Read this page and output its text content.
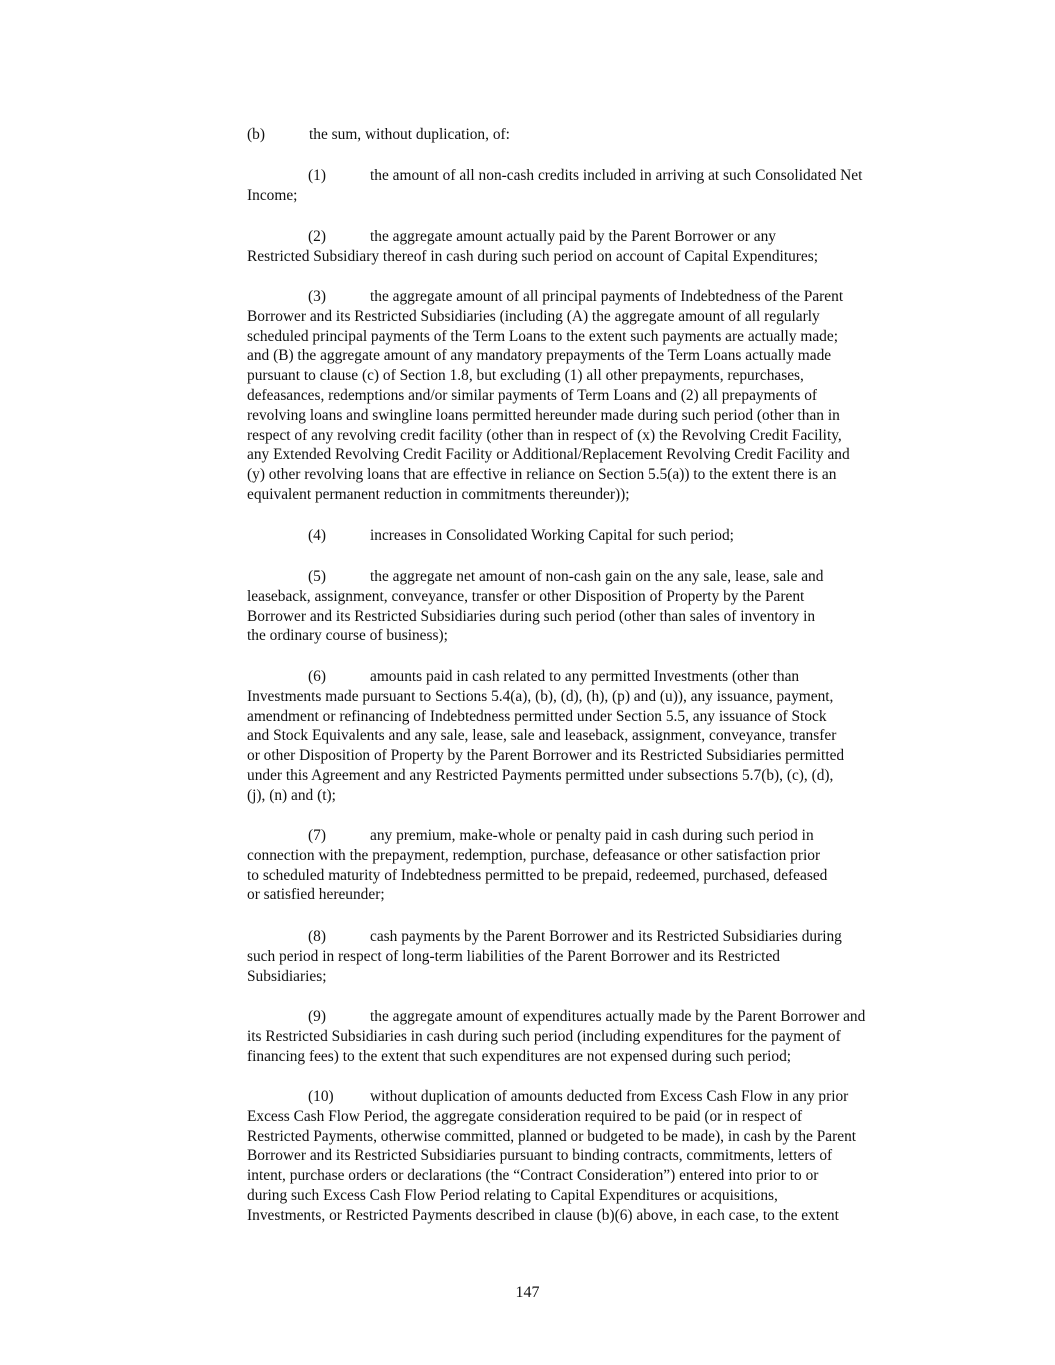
(b)	the sum, without duplication, of:
(1)	the amount of all non-cash credits included in arriving at such Consolidated Net
Income;
(2)	the aggregate amount actually paid by the Parent Borrower or any
Restricted Subsidiary thereof in cash during such period on account of Capital Expenditures;
(3)	the aggregate amount of all principal payments of Indebtedness of the Parent
Borrower and its Restricted Subsidiaries (including (A) the aggregate amount of all regularly
scheduled principal payments of the Term Loans to the extent such payments are actually made;
and (B) the aggregate amount of any mandatory prepayments of the Term Loans actually made
pursuant to clause (c) of Section 1.8, but excluding (1) all other prepayments, repurchases,
defeasances, redemptions and/or similar payments of Term Loans and (2) all prepayments of
revolving loans and swingline loans permitted hereunder made during such period (other than in
respect of any revolving credit facility (other than in respect of (x) the Revolving Credit Facility,
any Extended Revolving Credit Facility or Additional/Replacement Revolving Credit Facility and
(y) other revolving loans that are effective in reliance on Section 5.5(a)) to the extent there is an
equivalent permanent reduction in commitments thereunder));
(4)	increases in Consolidated Working Capital for such period;
(5)	the aggregate net amount of non-cash gain on the any sale, lease, sale and
leaseback, assignment, conveyance, transfer or other Disposition of Property by the Parent
Borrower and its Restricted Subsidiaries during such period (other than sales of inventory in
the ordinary course of business);
(6)	amounts paid in cash related to any permitted Investments (other than
Investments made pursuant to Sections 5.4(a), (b), (d), (h), (p) and (u)), any issuance, payment,
amendment or refinancing of Indebtedness permitted under Section 5.5, any issuance of Stock
and Stock Equivalents and any sale, lease, sale and leaseback, assignment, conveyance, transfer
or other Disposition of Property by the Parent Borrower and its Restricted Subsidiaries permitted
under this Agreement and any Restricted Payments permitted under subsections 5.7(b), (c), (d),
(j), (n) and (t);
(7)	any premium, make-whole or penalty paid in cash during such period in
connection with the prepayment, redemption, purchase, defeasance or other satisfaction prior
to scheduled maturity of Indebtedness permitted to be prepaid, redeemed, purchased, defeased
or satisfied hereunder;
(8)	cash payments by the Parent Borrower and its Restricted Subsidiaries during
such period in respect of long-term liabilities of the Parent Borrower and its Restricted
Subsidiaries;
(9)	the aggregate amount of expenditures actually made by the Parent Borrower and
its Restricted Subsidiaries in cash during such period (including expenditures for the payment of
financing fees) to the extent that such expenditures are not expensed during such period;
(10) without duplication of amounts deducted from Excess Cash Flow in any prior
Excess Cash Flow Period, the aggregate consideration required to be paid (or in respect of
Restricted Payments, otherwise committed, planned or budgeted to be made), in cash by the Parent
Borrower and its Restricted Subsidiaries pursuant to binding contracts, commitments, letters of
intent, purchase orders or declarations (the “Contract Consideration”) entered into prior to or
during such Excess Cash Flow Period relating to Capital Expenditures or acquisitions,
Investments, or Restricted Payments described in clause (b)(6) above, in each case, to the extent
147
